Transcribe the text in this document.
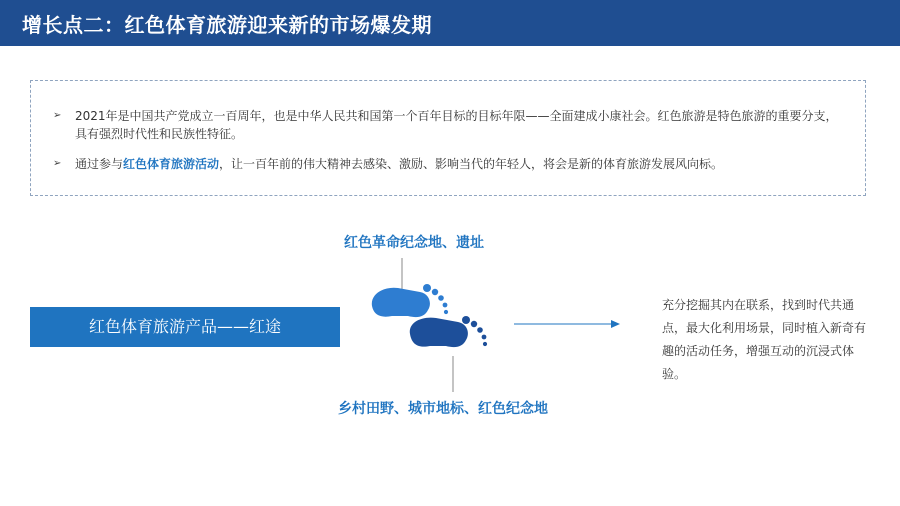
增长点二：红色体育旅游迎来新的市场爆发期
➢ 2021年是中国共产党成立一百周年，也是中华人民共和国第一个百年目标的目标年限——全面建成小康社会。红色旅游是特色旅游的重要分支，具有强烈时代性和民族性特征。
➢ 通过参与红色体育旅游活动，让一百年前的伟大精神去感染、激励、影响当代的年轻人，将会是新的体育旅游发展风向标。
红色体育旅游产品——红途
红色革命纪念地、遗址
乡村田野、城市地标、红色纪念地
充分挖掘其内在联系，找到时代共通点，最大化利用场景，同时植入新奇有趣的活动任务，增强互动的沉浸式体验。
